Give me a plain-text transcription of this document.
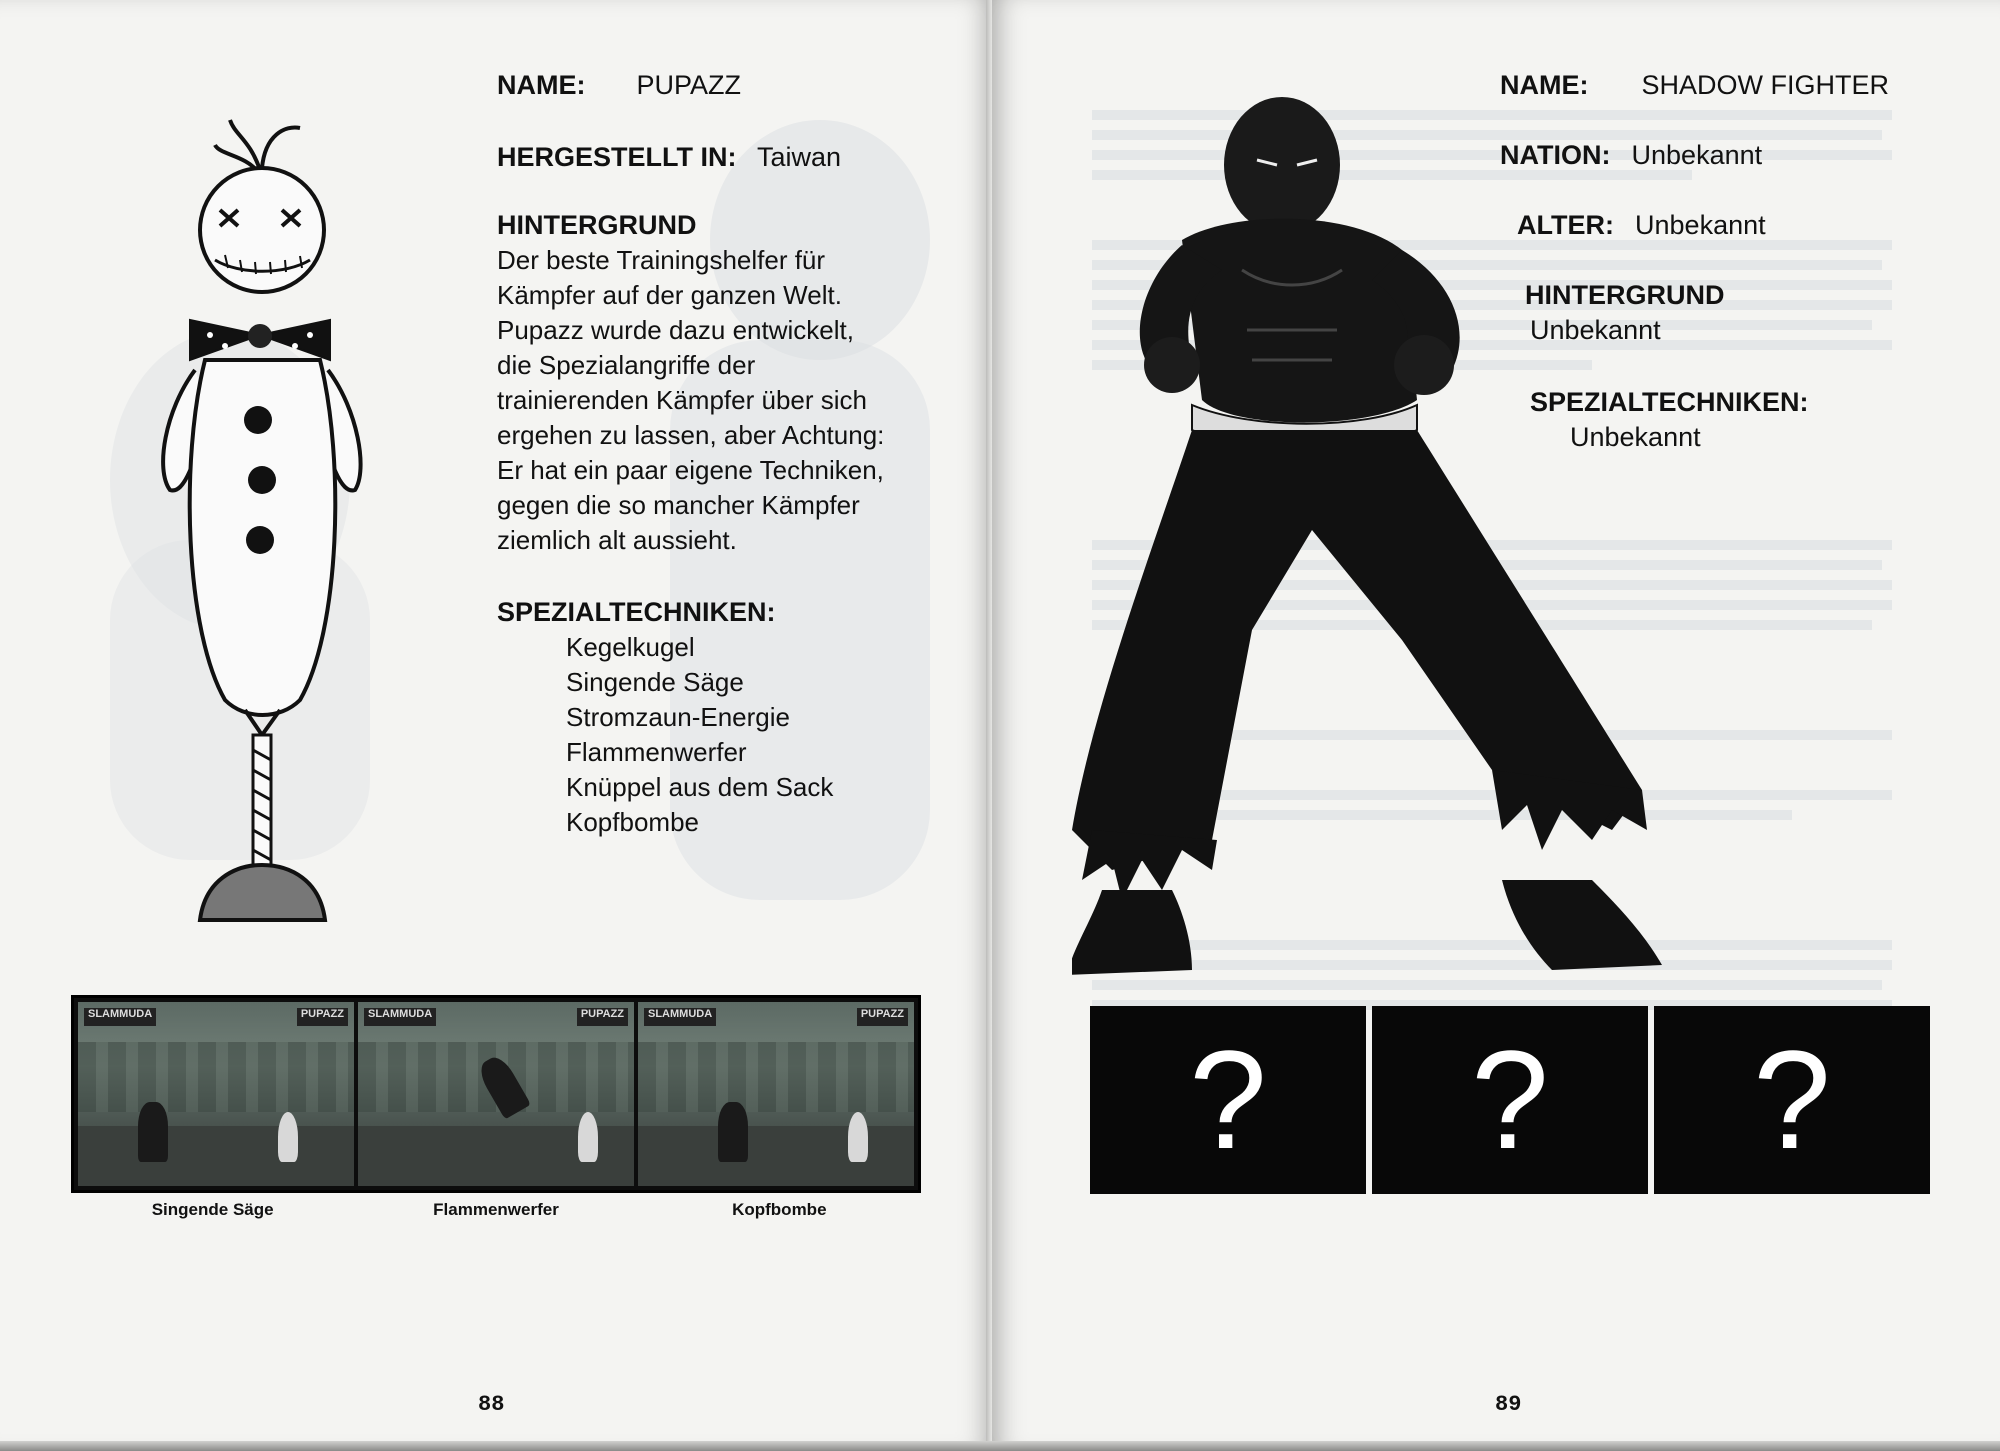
NAME: PUPAZZ
HERGESTELLT IN: Taiwan
HINTERGRUND
Der beste Trainingshelfer für
Kämpfer auf der ganzen Welt.
Pupazz wurde dazu entwickelt,
die Spezialangriffe der
trainierenden Kämpfer über sich
ergehen zu lassen, aber Achtung:
Er hat ein paar eigene Techniken,
gegen die so mancher Kämpfer
ziemlich alt aussieht.
SPEZIALTECHNIKEN:
Kegelkugel
Singende Säge
Stromzaun-Energie
Flammenwerfer
Knüppel aus dem Sack
Kopfbombe
SLAMMUDA	PUPAZZ	SLAMMUDA	PUPAZZ	SLAMMUDA	PUPAZZ
Singende Säge	Flammenwerfer	Kopfbombe
88
NAME: SHADOW FIGHTER
NATION: Unbekannt
ALTER: Unbekannt
HINTERGRUND
Unbekannt
SPEZIALTECHNIKEN:
Unbekannt
?	?	?
89
